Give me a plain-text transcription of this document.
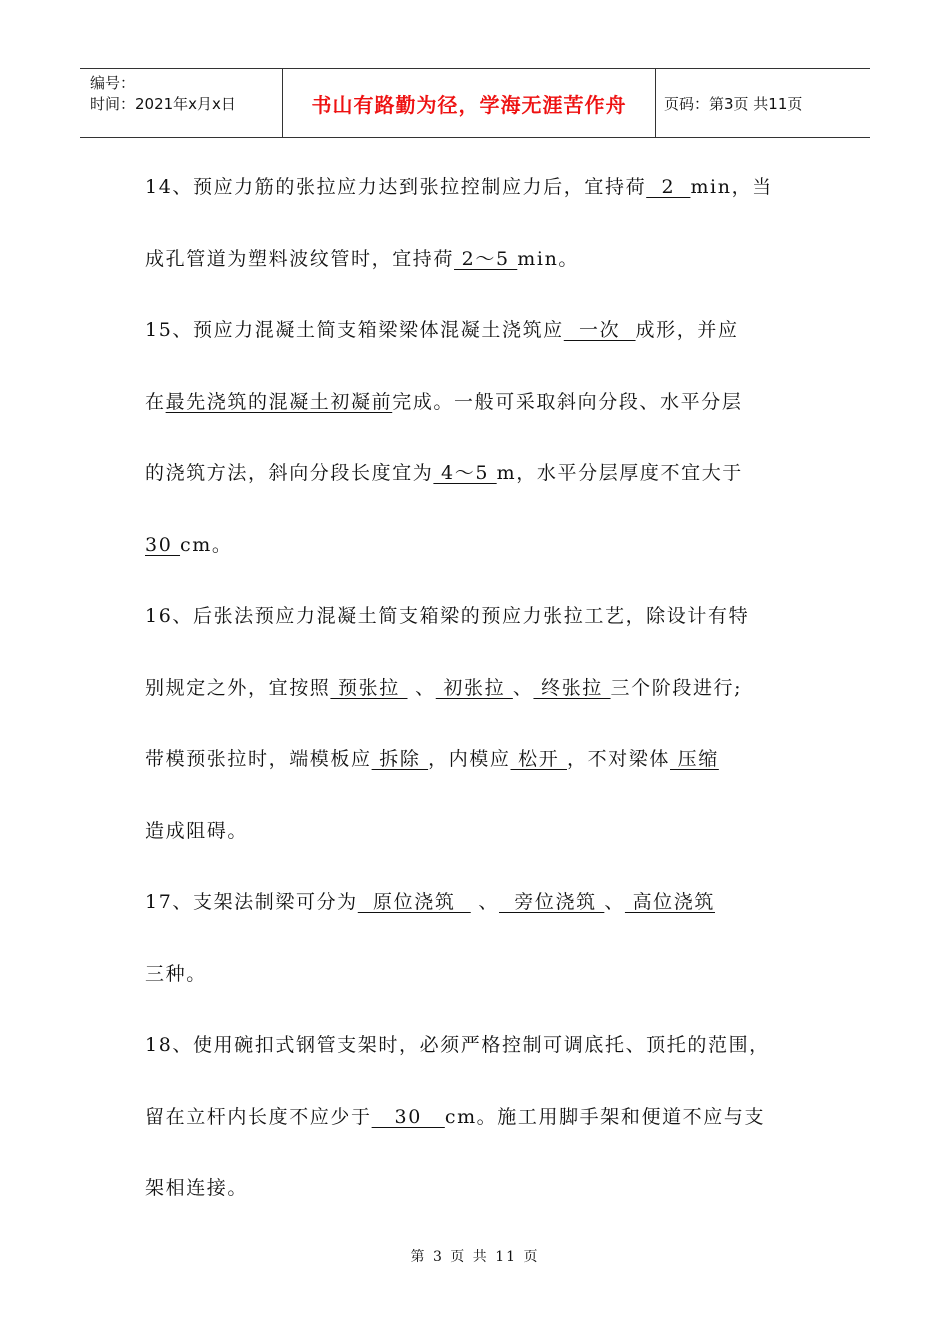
编号：
时间：2021年x月x日	书山有路勤为径，学海无涯苦作舟	页码：第3页 共11页
14、预应力筋的张拉应力达到张拉控制应力后，宜持荷  2  min，当
成孔管道为塑料波纹管时，宜持荷 2～5 min。
15、预应力混凝土简支箱梁梁体混凝土浇筑应  一次  成形，并应
在最先浇筑的混凝土初凝前完成。一般可采取斜向分段、水平分层
的浇筑方法，斜向分段长度宜为 4～5 m，水平分层厚度不宜大于
30 cm。
16、后张法预应力混凝土简支箱梁的预应力张拉工艺，除设计有特
别规定之外，宜按照 预张拉  、 初张拉 、 终张拉 三个阶段进行;
带模预张拉时，端模板应 拆除 ，内模应 松开 ，不对梁体 压缩
造成阻碍。
17、支架法制梁可分为  原位浇筑   、  旁位浇筑 、 高位浇筑
三种。
18、使用碗扣式钢管支架时，必须严格控制可调底托、顶托的范围，
留在立杆内长度不应少于   30   cm。施工用脚手架和便道不应与支
架相连接。
第 3 页 共 11 页
